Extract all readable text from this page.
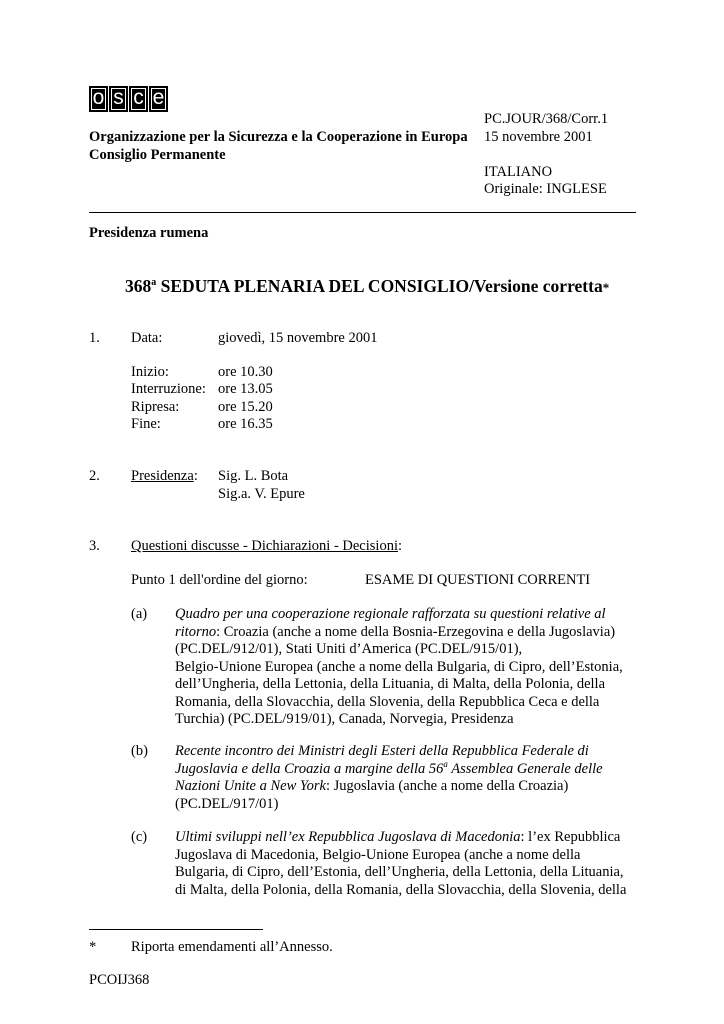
o s c e
Organizzazione per la Sicurezza e la Cooperazione in Europa
Consiglio Permanente
PC.JOUR/368/Corr.1
15 novembre 2001
ITALIANO
Originale: INGLESE
Presidenza rumena
368$^a$ SEDUTA PLENARIA DEL CONSIGLIO/Versione corretta*
1. Data:	giovedì, 15 novembre 2001
Inizio:	ore 10.30
Interruzione: ore 13.05
Ripresa:	ore 15.20
Fine:	ore 16.35
2. Presidenza: Sig. L. Bota
Sig.a. V. Epure
3. Questioni discusse - Dichiarazioni - Decisioni:
Punto 1 dell'ordine del giorno:	ESAME DI QUESTIONI CORRENTI
(a) Quadro per una cooperazione regionale rafforzata su questioni relative al

ritorno: Croazia (anche a nome della Bosnia-Erzegovina e della Jugoslavia)

(PC.DEL/912/01), Stati Uniti d’America (PC.DEL/915/01),

Belgio-Unione Europea (anche a nome della Bulgaria, di Cipro, dell’Estonia,

dell’Ungheria, della Lettonia, della Lituania, di Malta, della Polonia, della

Romania, della Slovacchia, della Slovenia, della Repubblica Ceca e della

Turchia) (PC.DEL/919/01), Canada, Norvegia, Presidenza

(b) Recente incontro dei Ministri degli Esteri della Repubblica Federale di

Jugoslavia e della Croazia a margine della 56$^a$ Assemblea Generale delle

Nazioni Unite a New York: Jugoslavia (anche a nome della Croazia)

(PC.DEL/917/01)

(c) Ultimi sviluppi nell’ex Repubblica Jugoslava di Macedonia: l’ex Repubblica

Jugoslava di Macedonia, Belgio-Unione Europea (anche a nome della

Bulgaria, di Cipro, dell’Estonia, dell’Ungheria, della Lettonia, della Lituania,

di Malta, della Polonia, della Romania, della Slovacchia, della Slovenia, della

* Riporta emendamenti all’Annesso.
PCOIJ368
